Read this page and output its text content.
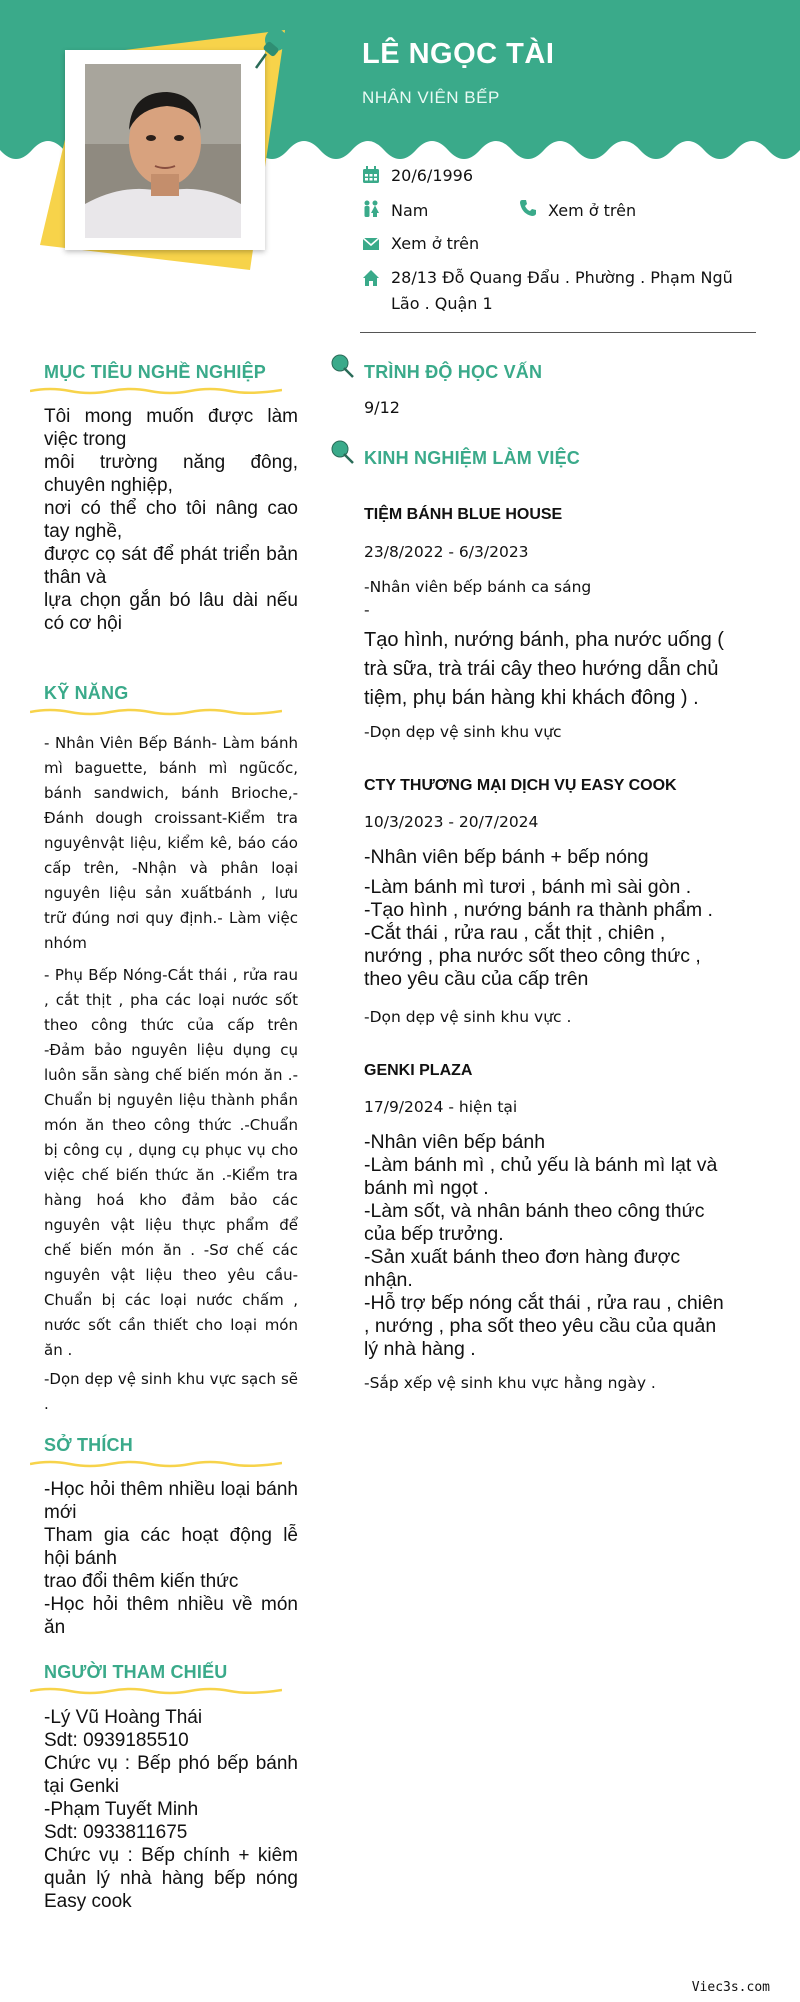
LÊ NGỌC TÀI
NHÂN VIÊN BẾP
20/6/1996
Nam	Xem ở trên
Xem ở trên
28/13 Đỗ Quang Đẩu . Phường . Phạm Ngũ
Lão . Quận 1
MỤC TIÊU NGHỀ NGHIỆP
Tôi mong muốn được làm việc trong
môi trường năng đông, chuyên nghiệp,
nơi có thể cho tôi nâng cao tay nghề,
được cọ sát để phát triển bản thân và
lựa chọn gắn bó lâu dài nếu có cơ hội
KỸ NĂNG
- Nhân Viên Bếp Bánh- Làm bánh mì baguette, bánh mì ngũcốc, bánh sandwich, bánh Brioche,-Đánh dough croissant-Kiểm tra nguyênvật liệu, kiểm kê, báo cáo cấp trên, -Nhận và phân loại nguyên liệu sản xuấtbánh , lưu trữ đúng nơi quy định.- Làm việc nhóm
- Phụ Bếp Nóng-Cắt thái , rửa rau , cắt thịt , pha các loại nước sốt theo công thức của cấp trên -Đảm bảo nguyên liệu dụng cụ luôn sẵn sàng chế biến món ăn .-Chuẩn bị nguyên liệu thành phần món ăn theo công thức .-Chuẩn bị công cụ , dụng cụ phục vụ cho việc chế biến thức ăn .-Kiểm tra hàng hoá kho đảm bảo các nguyên vật liệu thực phẩm để chế biến món ăn . -Sơ chế các nguyên vật liệu theo yêu cầu-Chuẩn bị các loại nước chấm , nước sốt cần thiết cho loại món ăn .
-Dọn dẹp vệ sinh khu vực sạch sẽ .
SỞ THÍCH
-Học hỏi thêm nhiều loại bánh mới
Tham gia các hoạt động lễ hội bánh
trao đổi thêm kiến thức
-Học hỏi thêm nhiều về món ăn
NGƯỜI THAM CHIẾU
-Lý Vũ Hoàng Thái
Sdt: 0939185510
Chức vụ : Bếp phó bếp bánh tại Genki
-Phạm Tuyết Minh
Sdt: 0933811675
Chức vụ : Bếp chính + kiêm quản lý nhà hàng bếp nóng Easy cook
TRÌNH ĐỘ HỌC VẤN
9/12
KINH NGHIỆM LÀM VIỆC
TIỆM BÁNH BLUE HOUSE
23/8/2022 - 6/3/2023
-Nhân viên bếp bánh ca sáng
-
Tạo hình, nướng bánh, pha nước uống (
trà sữa, trà trái cây theo hướng dẫn chủ
tiệm, phụ bán hàng khi khách đông ) .
-Dọn dẹp vệ sinh khu vực
CTY THƯƠNG MẠI DỊCH VỤ EASY COOK
10/3/2023 - 20/7/2024
-Nhân viên bếp bánh + bếp nóng
-Làm bánh mì tươi , bánh mì sài gòn .
-Tạo hình , nướng bánh ra thành phẩm .
-Cắt thái , rửa rau , cắt thịt , chiên ,
nướng , pha nước sốt theo công thức ,
theo yêu cầu của cấp trên
-Dọn dẹp vệ sinh khu vực .
GENKI PLAZA
17/9/2024 - hiện tại
-Nhân viên bếp bánh
-Làm bánh mì , chủ yếu là bánh mì lạt và
bánh mì ngọt .
-Làm sốt, và nhân bánh theo công thức
của bếp trưởng.
-Sản xuất bánh theo đơn hàng được
nhận.
-Hỗ trợ bếp nóng cắt thái , rửa rau , chiên
, nướng , pha sốt theo yêu cầu của quản
lý nhà hàng .
-Sắp xếp vệ sinh khu vực hằng ngày .
Viec3s.com
